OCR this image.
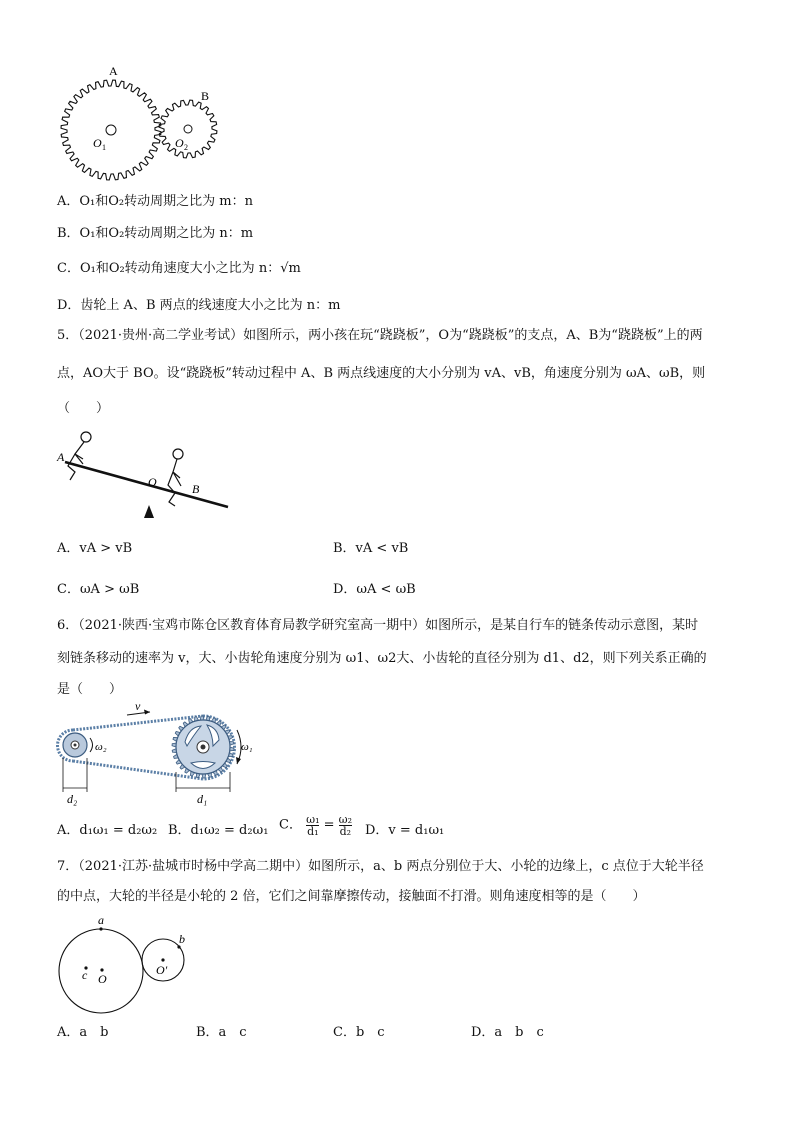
A
B
O 1	O 2
A．O₁和O₂转动周期之比为 m：n
B．O₁和O₂转动周期之比为 n：m
C．O₁和O₂转动角速度大小之比为 n：√m
D．齿轮上 A、B 两点的线速度大小之比为 n：m
5．（2021·贵州·高二学业考试）如图所示，两小孩在玩“跷跷板”，O为“跷跷板”的支点，A、B为“跷跷板”上的两
点，AO大于 BO。设“跷跷板”转动过程中 A、B 两点线速度的大小分别为 vA、vB，角速度分别为 ωA、ωB，则
（　　）
A
O	B
A．vA > vB	B．vA < vB
C．ωA > ωB	D．ωA < ωB
6．（2021·陕西·宝鸡市陈仓区教育体育局教学研究室高一期中）如图所示，是某自行车的链条传动示意图，某时
刻链条移动的速率为 v，大、小齿轮角速度分别为 ω1、ω2大、小齿轮的直径分别为 d1、d2，则下列关系正确的
是（　　）
v
ω₂	ω₁
d₂	d₁
A．d₁ω₁ = d₂ω₂ B．d₁ω₂ = d₂ω₁ C． $\frac{\text{ω₁}}{\text{d₁}} = \frac{\text{ω₂}}{\text{d₂}}$ D．v = d₁ω₁
7．（2021·江苏·盐城市时杨中学高二期中）如图所示，a、b 两点分别位于大、小轮的边缘上，c 点位于大轮半径
的中点，大轮的半径是小轮的 2 倍，它们之间靠摩擦传动，接触面不打滑。则角速度相等的是（　　）
a
b
c O
O′
A．a　b	B．a　c	C．b　c	D．a　b　c
